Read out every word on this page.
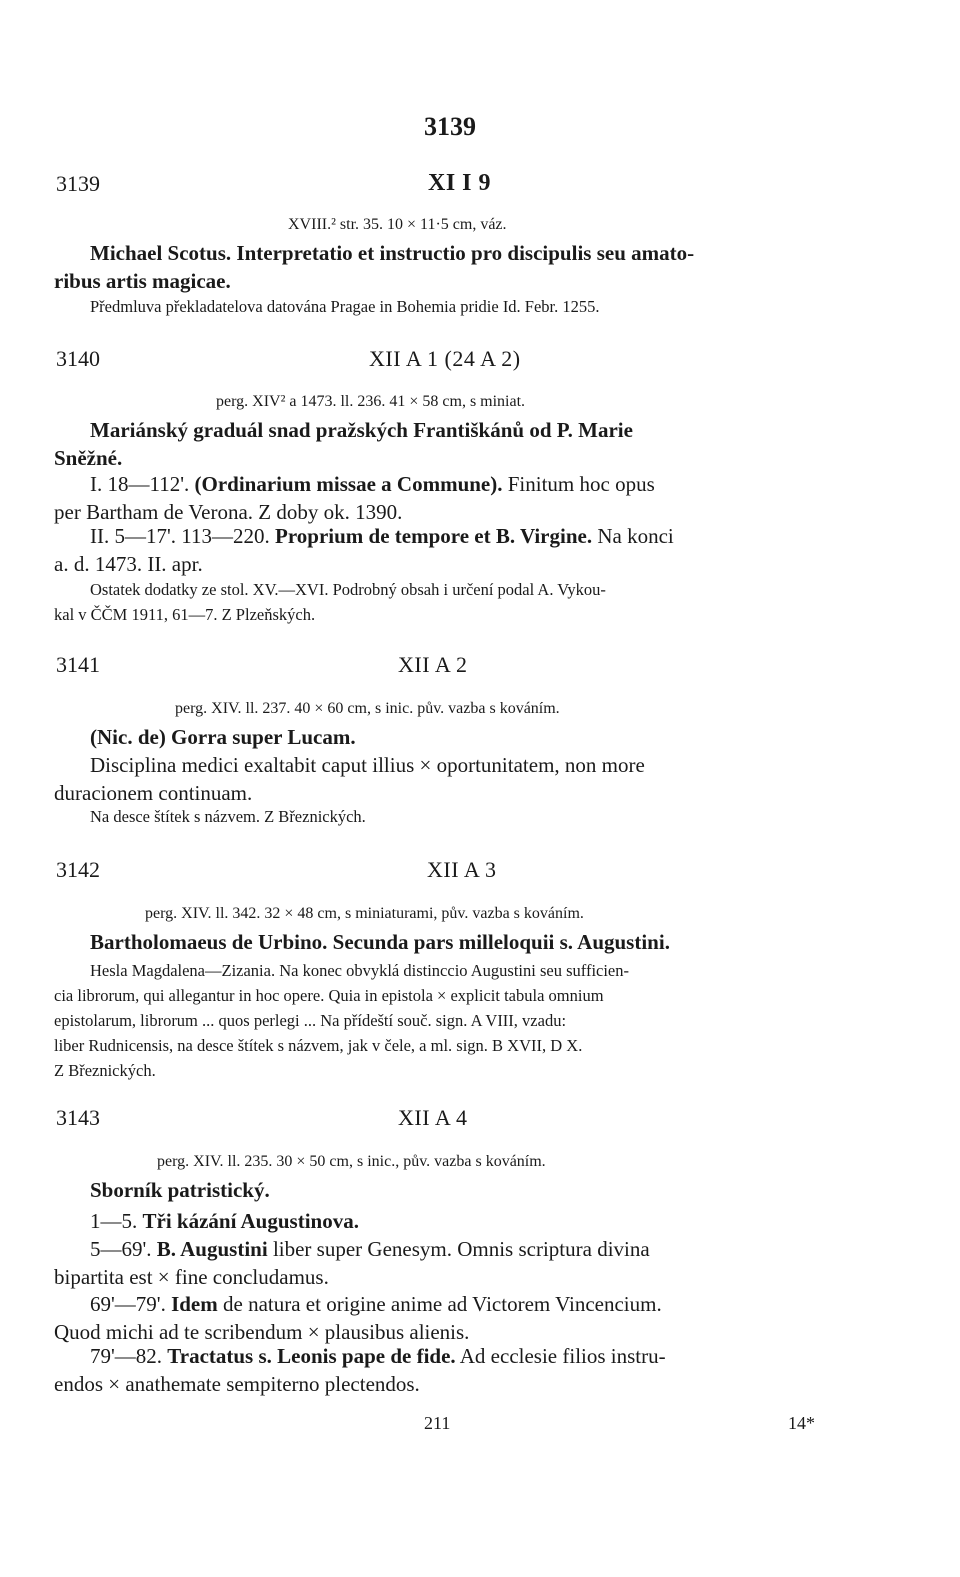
3139
3139	XI I 9
XVIII.² str. 35. 10 × 11·5 cm, váz.

Michael Scotus. Interpretatio et instructio pro discipulis seu amato-

ribus artis magicae.

Předmluva překladatelova datována Pragae in Bohemia pridie Id. Febr. 1255.

3140	XII A 1 (24 A 2)
perg. XIV² a 1473. ll. 236. 41 × 58 cm, s miniat.

Mariánský graduál snad pražských Františkánů od P. Marie

Sněžné.

I. 18—112'. (Ordinarium missae a Commune). Finitum hoc opus

per Bartham de Verona. Z doby ok. 1390.

II. 5—17'. 113—220. Proprium de tempore et B. Virgine. Na konci

a. d. 1473. II. apr.

Ostatek dodatky ze stol. XV.—XVI. Podrobný obsah i určení podal A. Vykou-

kal v ČČM 1911, 61—7. Z Plzeňských.

3141	XII A 2
perg. XIV. ll. 237. 40 × 60 cm, s inic. pův. vazba s kováním.

(Nic. de) Gorra super Lucam.

Disciplina medici exaltabit caput illius × oportunitatem, non more

duracionem continuam.

Na desce štítek s názvem. Z Březnických.

3142	XII A 3
perg. XIV. ll. 342. 32 × 48 cm, s miniaturami, pův. vazba s kováním.

Bartholomaeus de Urbino. Secunda pars milleloquii s. Augustini.

Hesla Magdalena—Zizania. Na konec obvyklá distinccio Augustini seu sufficien-

cia librorum, qui allegantur in hoc opere. Quia in epistola × explicit tabula omnium

epistolarum, librorum ... quos perlegi ... Na přídeští souč. sign. A VIII, vzadu:

liber Rudnicensis, na desce štítek s názvem, jak v čele, a ml. sign. B XVII, D X.

Z Březnických.

3143	XII A 4
perg. XIV. ll. 235. 30 × 50 cm, s inic., pův. vazba s kováním.

Sborník patristický.

1—5. Tři kázání Augustinova.

5—69'. B. Augustini liber super Genesym. Omnis scriptura divina

bipartita est × fine concludamus.

69'—79'. Idem de natura et origine anime ad Victorem Vincencium.

Quod michi ad te scribendum × plausibus alienis.

79'—82. Tractatus s. Leonis pape de fide. Ad ecclesie filios instru-

endos × anathemate sempiterno plectendos.

211	14*
